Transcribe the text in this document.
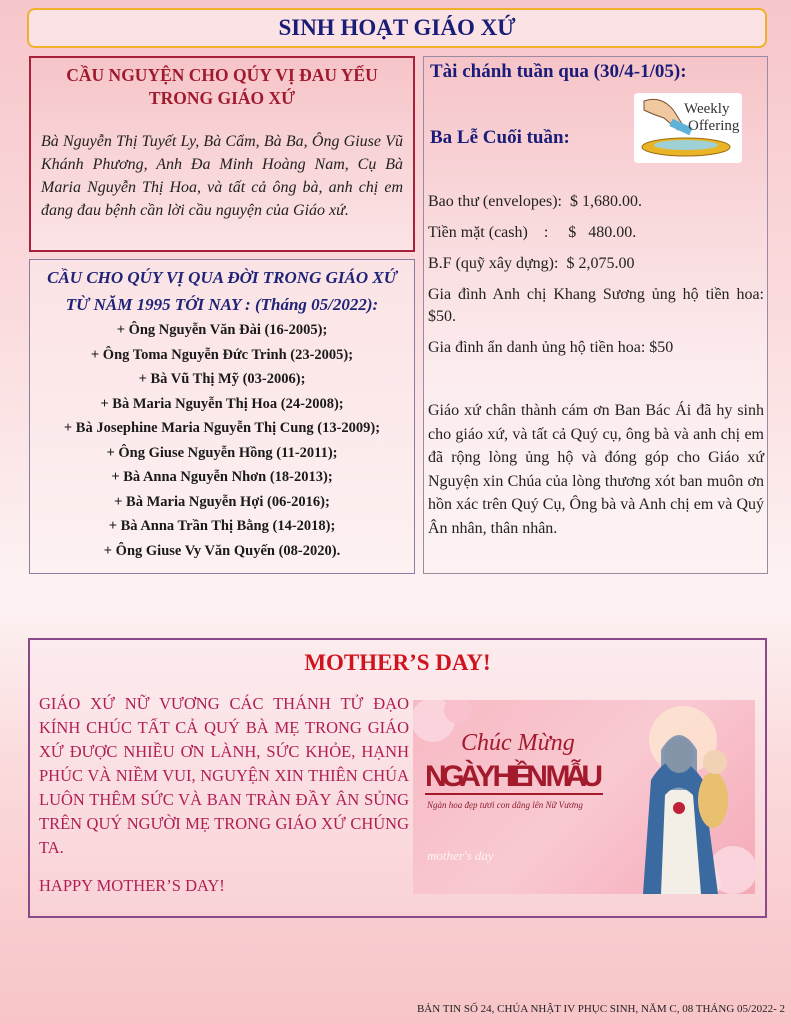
SINH HOẠT GIÁO XỨ
CẦU NGUYỆN CHO QÚY VỊ ĐAU YẾU
TRONG GIÁO XỨ

Bà Nguyễn Thị Tuyết Ly, Bà Cẩm, Bà Ba, Ông Giuse Vũ Khánh Phương, Anh Đa Minh Hoàng Nam, Cụ Bà Maria Nguyễn Thị Hoa, và tất cả ông bà, anh chị em đang đau bệnh cần lời cầu nguyện của Giáo xứ.

CẦU CHO QÚY VỊ QUA ĐỜI TRONG GIÁO XỨ
TỪ NĂM 1995 TỚI NAY : (Tháng 05/2022):
+ Ông Nguyễn Văn Đài (16-2005);
+ Ông Toma Nguyễn Đức Trinh (23-2005);
+ Bà Vũ Thị Mỹ (03-2006);
+ Bà Maria Nguyễn Thị Hoa (24-2008);
+ Bà Josephine Maria Nguyễn Thị Cung (13-2009);
+ Ông Giuse Nguyễn Hồng (11-2011);
+ Bà Anna Nguyễn Nhơn (18-2013);
+ Bà Maria Nguyễn Hợi (06-2016);
+ Bà Anna Trần Thị Bằng (14-2018);
+ Ông Giuse Vy Văn Quyến (08-2020).
Tài chánh tuần qua (30/4-1/05):
Ba Lễ Cuối tuần:
Weekly
Offering
Bao thư (envelopes):  $ 1,680.00.
Tiền mặt (cash)    :     $   480.00.
B.F (quỹ xây dựng):  $ 2,075.00
Gia đình Anh chị Khang Sương ủng hộ tiền hoa: $50.
Gia đình ẩn danh ủng hộ tiền hoa: $50
Giáo xứ chân thành cám ơn Ban Bác Ái đã hy sinh cho giáo xứ, và tất cả Quý cụ, ông bà và anh chị em đã rộng lòng ủng hộ và đóng góp cho Giáo xứ Nguyện xin Chúa của lòng thương xót ban muôn ơn hồn xác trên Quý Cụ, Ông bà và Anh chị em và Quý Ân nhân, thân nhân.
MOTHER’S DAY!
GIÁO XỨ NỮ VƯƠNG CÁC THÁNH TỬ ĐẠO KÍNH CHÚC TẤT CẢ QUÝ BÀ MẸ TRONG GIÁO XỨ ĐƯỢC NHIỀU ƠN LÀNH, SỨC KHỎE, HẠNH PHÚC VÀ NIỀM VUI, NGUYỆN XIN THIÊN CHÚA LUÔN THÊM SỨC VÀ BAN TRÀN ĐẦY ÂN SỦNG TRÊN QUÝ NGƯỜI MẸ TRONG GIÁO XỨ CHÚNG TA.
HAPPY MOTHER’S DAY!
Chúc Mừng
NGÀY HIỀN MẪU
Ngàn hoa đẹp tươi con dâng lên Nữ Vương
mother's day
BẢN TIN SỐ 24, CHÚA NHẬT IV PHỤC SINH, NĂM C, 08 THÁNG 05/2022- 2
